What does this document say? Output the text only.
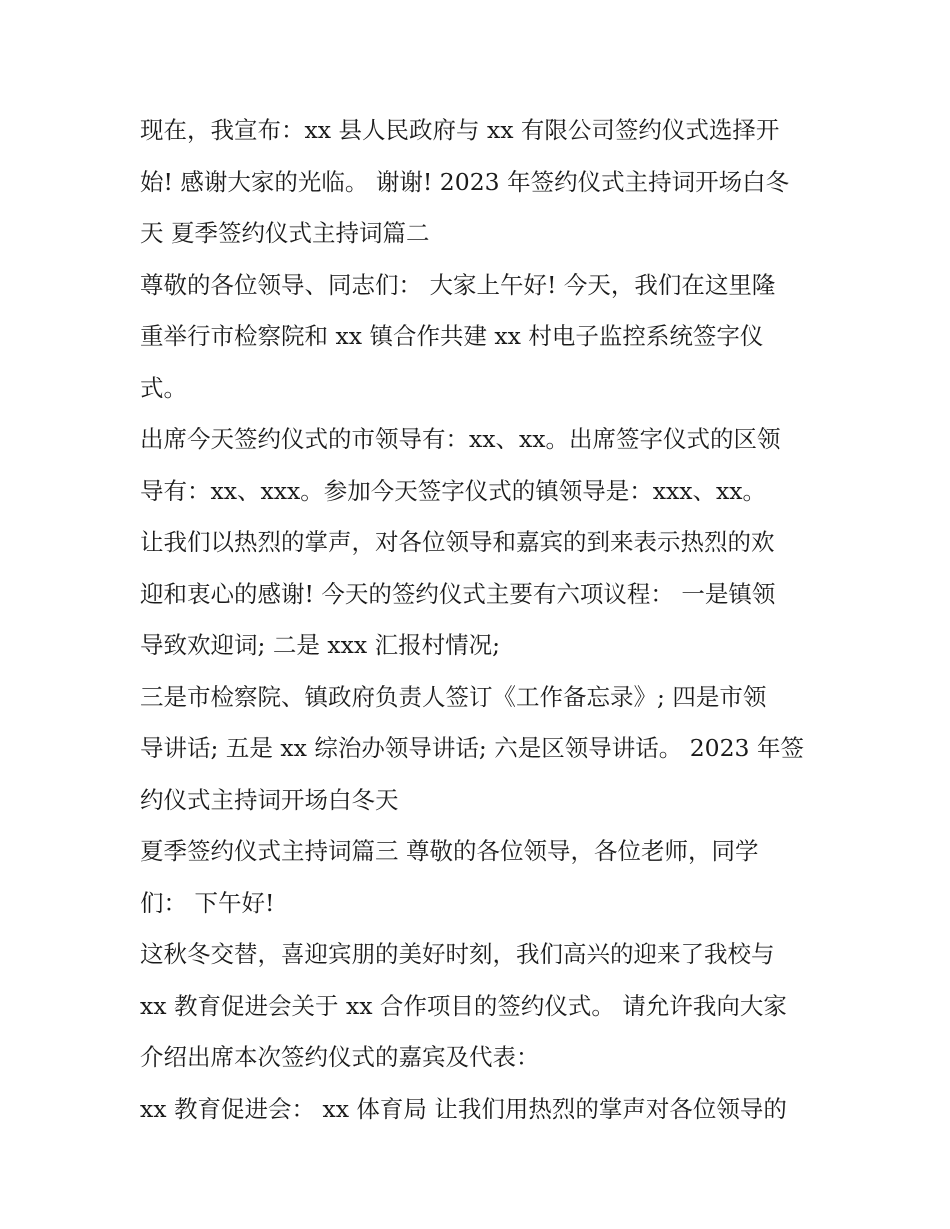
现在，我宣布：xx 县人民政府与 xx 有限公司签约仪式选择开
始! 感谢大家的光临。 谢谢! 2023 年签约仪式主持词开场白冬
天 夏季签约仪式主持词篇二
尊敬的各位领导、同志们： 大家上午好! 今天，我们在这里隆
重举行市检察院和 xx 镇合作共建 xx 村电子监控系统签字仪
式。
出席今天签约仪式的市领导有：xx、xx。出席签字仪式的区领
导有：xx、xxx。参加今天签字仪式的镇领导是：xxx、xx。
让我们以热烈的掌声，对各位领导和嘉宾的到来表示热烈的欢
迎和衷心的感谢! 今天的签约仪式主要有六项议程： 一是镇领
导致欢迎词; 二是 xxx 汇报村情况;
三是市检察院、镇政府负责人签订《工作备忘录》; 四是市领
导讲话; 五是 xx 综治办领导讲话; 六是区领导讲话。 2023 年签
约仪式主持词开场白冬天
夏季签约仪式主持词篇三 尊敬的各位领导，各位老师，同学
们： 下午好!
这秋冬交替，喜迎宾朋的美好时刻，我们高兴的迎来了我校与
xx 教育促进会关于 xx 合作项目的签约仪式。 请允许我向大家
介绍出席本次签约仪式的嘉宾及代表：
xx 教育促进会： xx 体育局 让我们用热烈的掌声对各位领导的
